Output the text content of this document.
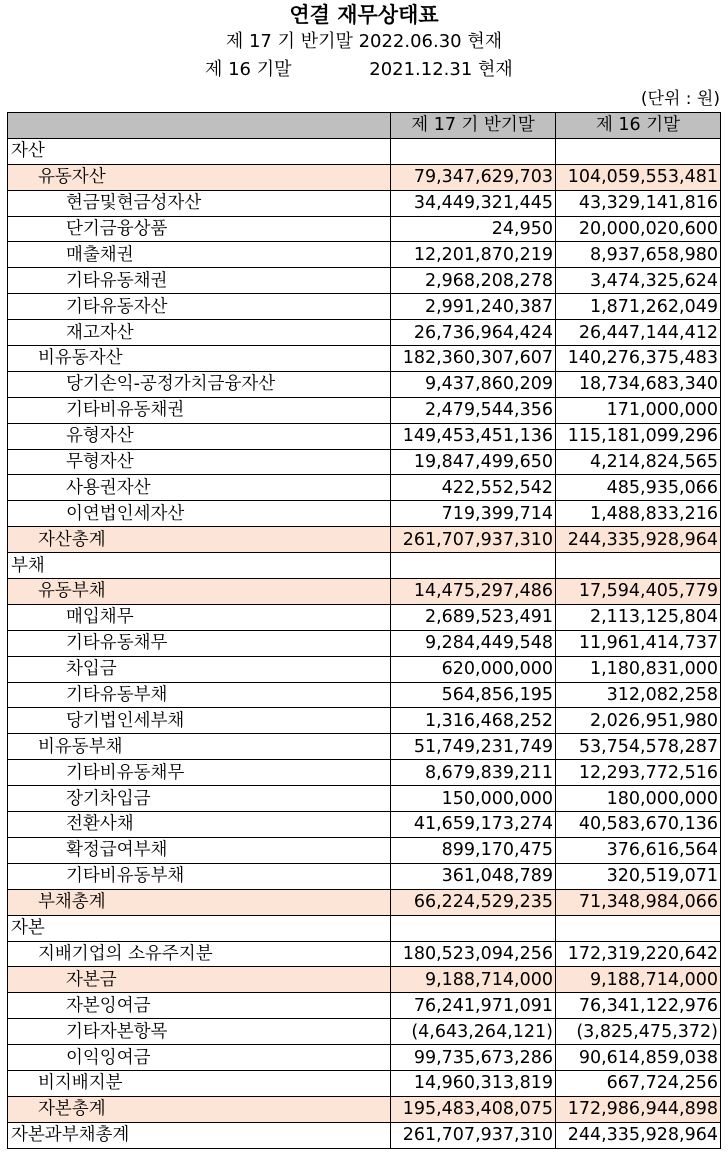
연결 재무상태표
제 17 기 반기말 2022.06.30 현재
제 16 기말	2021.12.31 현재
(단위 : 원)
	제 17 기 반기말	제 16 기말
자산		
유동자산	79,347,629,703	104,059,553,481
현금및현금성자산	34,449,321,445	43,329,141,816
단기금융상품	24,950	20,000,020,600
매출채권	12,201,870,219	8,937,658,980
기타유동채권	2,968,208,278	3,474,325,624
기타유동자산	2,991,240,387	1,871,262,049
재고자산	26,736,964,424	26,447,144,412
비유동자산	182,360,307,607	140,276,375,483
당기손익-공정가치금융자산	9,437,860,209	18,734,683,340
기타비유동채권	2,479,544,356	171,000,000
유형자산	149,453,451,136	115,181,099,296
무형자산	19,847,499,650	4,214,824,565
사용권자산	422,552,542	485,935,066
이연법인세자산	719,399,714	1,488,833,216
자산총계	261,707,937,310	244,335,928,964
부채		
유동부채	14,475,297,486	17,594,405,779
매입채무	2,689,523,491	2,113,125,804
기타유동채무	9,284,449,548	11,961,414,737
차입금	620,000,000	1,180,831,000
기타유동부채	564,856,195	312,082,258
당기법인세부채	1,316,468,252	2,026,951,980
비유동부채	51,749,231,749	53,754,578,287
기타비유동채무	8,679,839,211	12,293,772,516
장기차입금	150,000,000	180,000,000
전환사채	41,659,173,274	40,583,670,136
확정급여부채	899,170,475	376,616,564
기타비유동부채	361,048,789	320,519,071
부채총계	66,224,529,235	71,348,984,066
자본		
지배기업의 소유주지분	180,523,094,256	172,319,220,642
자본금	9,188,714,000	9,188,714,000
자본잉여금	76,241,971,091	76,341,122,976
기타자본항목	(4,643,264,121)	(3,825,475,372)
이익잉여금	99,735,673,286	90,614,859,038
비지배지분	14,960,313,819	667,724,256
자본총계	195,483,408,075	172,986,944,898
자본과부채총계	261,707,937,310	244,335,928,964
